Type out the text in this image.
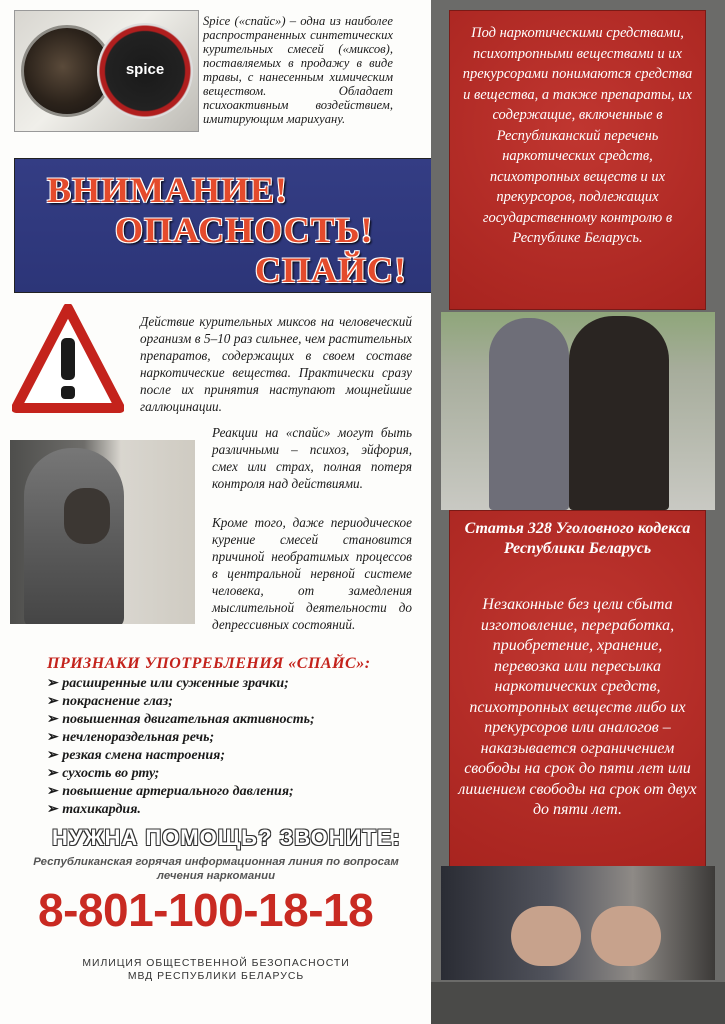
spice
Spice («спайс») – одна из наиболее распространенных синтетических курительных смесей («миксов), поставляемых в продажу в виде травы, с нанесенным химическим веществом. Обладает психоактивным воздействием, имитирующим марихуану.
ВНИМАНИЕ!
ОПАСНОСТЬ!
СПАЙС!
Действие курительных миксов на человеческий организм в 5–10 раз сильнее, чем растительных препаратов, содержащих в своем составе наркотические вещества. Практически сразу после их принятия наступают мощнейшие галлюцинации.
Реакции на «спайс» могут быть различными – психоз, эйфория, смех или страх, полная потеря контроля над действиями.
Кроме того, даже периодическое курение смесей становится причиной необратимых процессов в центральной нервной системе человека, от замедления мыслительной деятельности до депрессивных состояний.
ПРИЗНАКИ УПОТРЕБЛЕНИЯ «СПАЙС»:
➢ расширенные или суженные зрачки;
➢ покраснение глаз;
➢ повышенная двигательная активность;
➢ нечленораздельная речь;
➢ резкая смена настроения;
➢ сухость во рту;
➢ повышение артериального давления;
➢ тахикардия.
НУЖНА ПОМОЩЬ? ЗВОНИТЕ:
Республиканская горячая информационная линия по вопросам лечения наркомании
8-801-100-18-18
МИЛИЦИЯ ОБЩЕСТВЕННОЙ БЕЗОПАСНОСТИ
МВД РЕСПУБЛИКИ БЕЛАРУСЬ

Под наркотическими средствами, психотропными веществами и их прекурсорами понимаются средства и вещества, а также препараты, их содержащие, включенные в Республиканский перечень наркотических средств, психотропных веществ и их прекурсоров, подлежащих государственному контролю в Республике Беларусь.

Статья 328 Уголовного кодекса Республики Беларусь

Незаконные без цели сбыта изготовление, переработка, приобретение, хранение, перевозка или пересылка наркотических средств, психотропных веществ либо их прекурсоров или аналогов – наказывается ограничением свободы на срок до пяти лет или лишением свободы на срок от двух до пяти лет.
